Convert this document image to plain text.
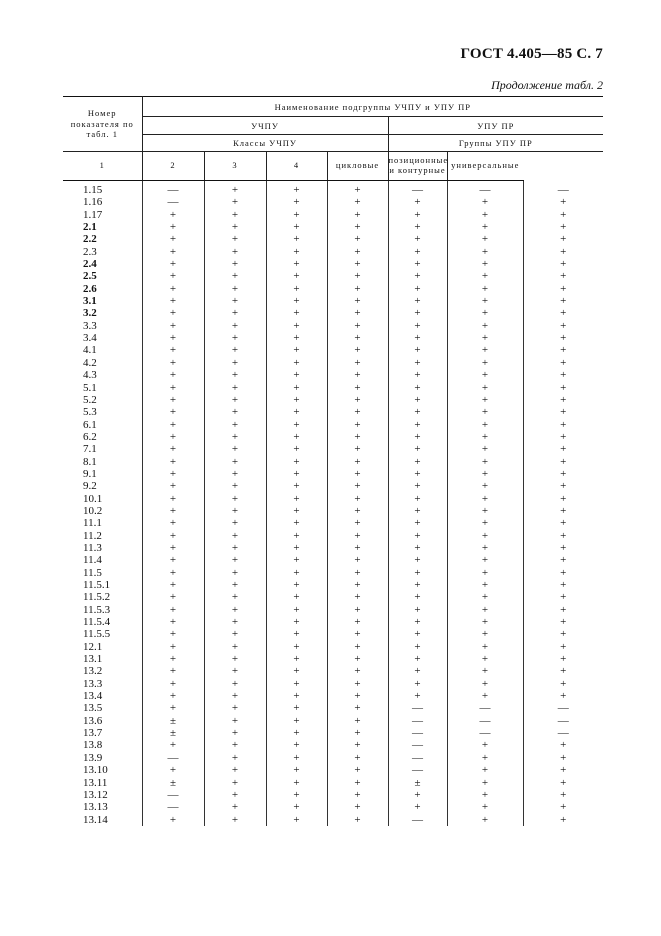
ГОСТ 4.405—85 С. 7
Продолжение табл. 2
Номер показателя по табл. 1	Наименование подгруппы УЧПУ и УПУ ПР						
	УЧПУ				УПУ ПР		
	Классы УЧПУ				Группы УПУ ПР		
1	2	3	4	цикловые	позиционные и контурные	универсальные	
1.15	—	+	+	+	—	—	—
1.16	—	+	+	+	+	+	+
1.17	+	+	+	+	+	+	+
2.1	+	+	+	+	+	+	+
2.2	+	+	+	+	+	+	+
2.3	+	+	+	+	+	+	+
2.4	+	+	+	+	+	+	+
2.5	+	+	+	+	+	+	+
2.6	+	+	+	+	+	+	+
3.1	+	+	+	+	+	+	+
3.2	+	+	+	+	+	+	+
3.3	+	+	+	+	+	+	+
3.4	+	+	+	+	+	+	+
4.1	+	+	+	+	+	+	+
4.2	+	+	+	+	+	+	+
4.3	+	+	+	+	+	+	+
5.1	+	+	+	+	+	+	+
5.2	+	+	+	+	+	+	+
5.3	+	+	+	+	+	+	+
6.1	+	+	+	+	+	+	+
6.2	+	+	+	+	+	+	+
7.1	+	+	+	+	+	+	+
8.1	+	+	+	+	+	+	+
9.1	+	+	+	+	+	+	+
9.2	+	+	+	+	+	+	+
10.1	+	+	+	+	+	+	+
10.2	+	+	+	+	+	+	+
11.1	+	+	+	+	+	+	+
11.2	+	+	+	+	+	+	+
11.3	+	+	+	+	+	+	+
11.4	+	+	+	+	+	+	+
11.5	+	+	+	+	+	+	+
11.5.1	+	+	+	+	+	+	+
11.5.2	+	+	+	+	+	+	+
11.5.3	+	+	+	+	+	+	+
11.5.4	+	+	+	+	+	+	+
11.5.5	+	+	+	+	+	+	+
12.1	+	+	+	+	+	+	+
13.1	+	+	+	+	+	+	+
13.2	+	+	+	+	+	+	+
13.3	+	+	+	+	+	+	+
13.4	+	+	+	+	+	+	+
13.5	+	+	+	+	—	—	—
13.6	±	+	+	+	—	—	—
13.7	±	+	+	+	—	—	—
13.8	+	+	+	+	—	+	+
13.9	—	+	+	+	—	+	+
13.10	+	+	+	+	—	+	+
13.11	±	+	+	+	±	+	+
13.12	—	+	+	+	+	+	+
13.13	—	+	+	+	+	+	+
13.14	+	+	+	+	—	+	+
